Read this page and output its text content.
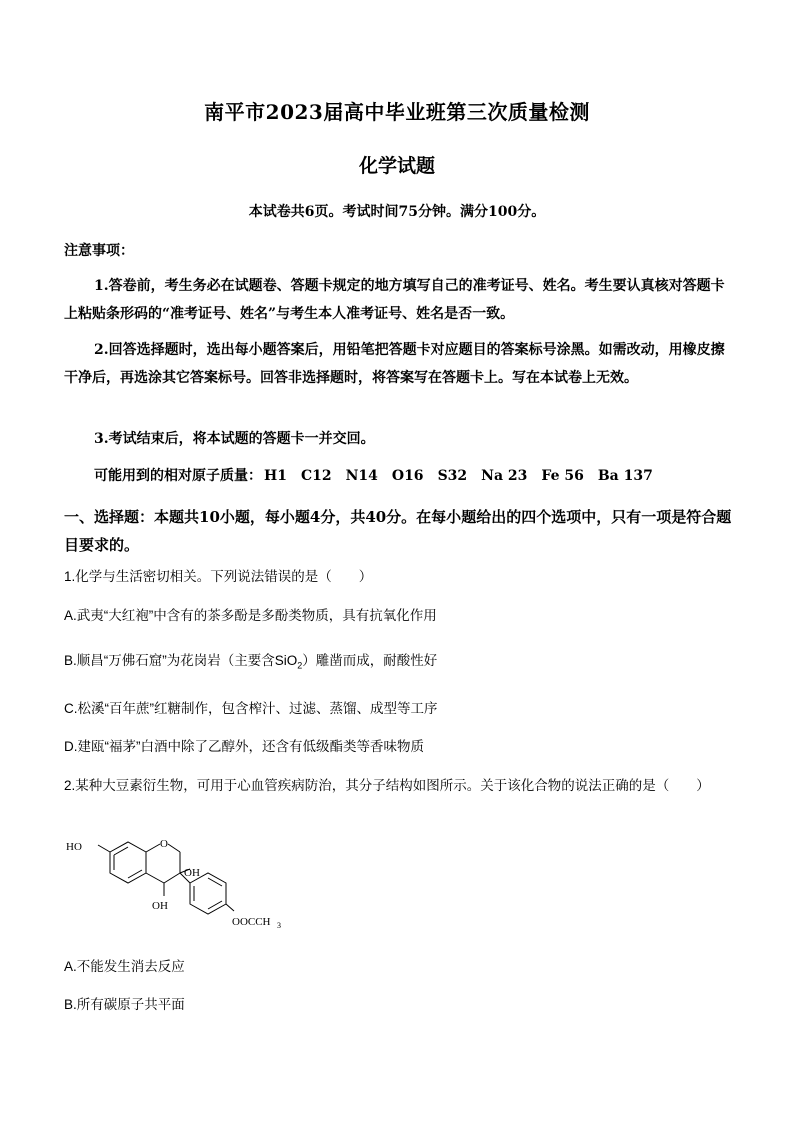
南平市2023届高中毕业班第三次质量检测
化学试题
本试卷共6页。考试时间75分钟。满分100分。
注意事项：
1.答卷前，考生务必在试题卷、答题卡规定的地方填写自己的准考证号、姓名。考生要认真核对答题卡上粘贴条形码的“准考证号、姓名”与考生本人准考证号、姓名是否一致。
2.回答选择题时，选出每小题答案后，用铅笔把答题卡对应题目的答案标号涂黑。如需改动，用橡皮擦干净后，再选涂其它答案标号。回答非选择题时，将答案写在答题卡上。写在本试卷上无效。
3.考试结束后，将本试题的答题卡一并交回。
可能用到的相对原子质量： H1 C12 N14 O16 S32 Na 23 Fe 56 Ba 137
一、选择题：本题共10小题，每小题4分，共40分。在每小题给出的四个选项中，只有一项是符合题目要求的。
1.化学与生活密切相关。下列说法错误的是（　　）
A.武夷“大红袍”中含有的茶多酚是多酚类物质，具有抗氧化作用
B.顺昌“万佛石窟”为花岗岩（主要含SiO$_2$）雕凿而成，耐酸性好
C.松溪“百年蔗”红糖制作，包含榨汁、过滤、蒸馏、成型等工序
D.建瓯“福茅”白酒中除了乙醇外，还含有低级酯类等香味物质
2.某种大豆素衍生物，可用于心血管疾病防治，其分子结构如图所示。关于该化合物的说法正确的是（　　）
HO	O
OH
OH
OOCCH 3
A.不能发生消去反应
B.所有碳原子共平面
